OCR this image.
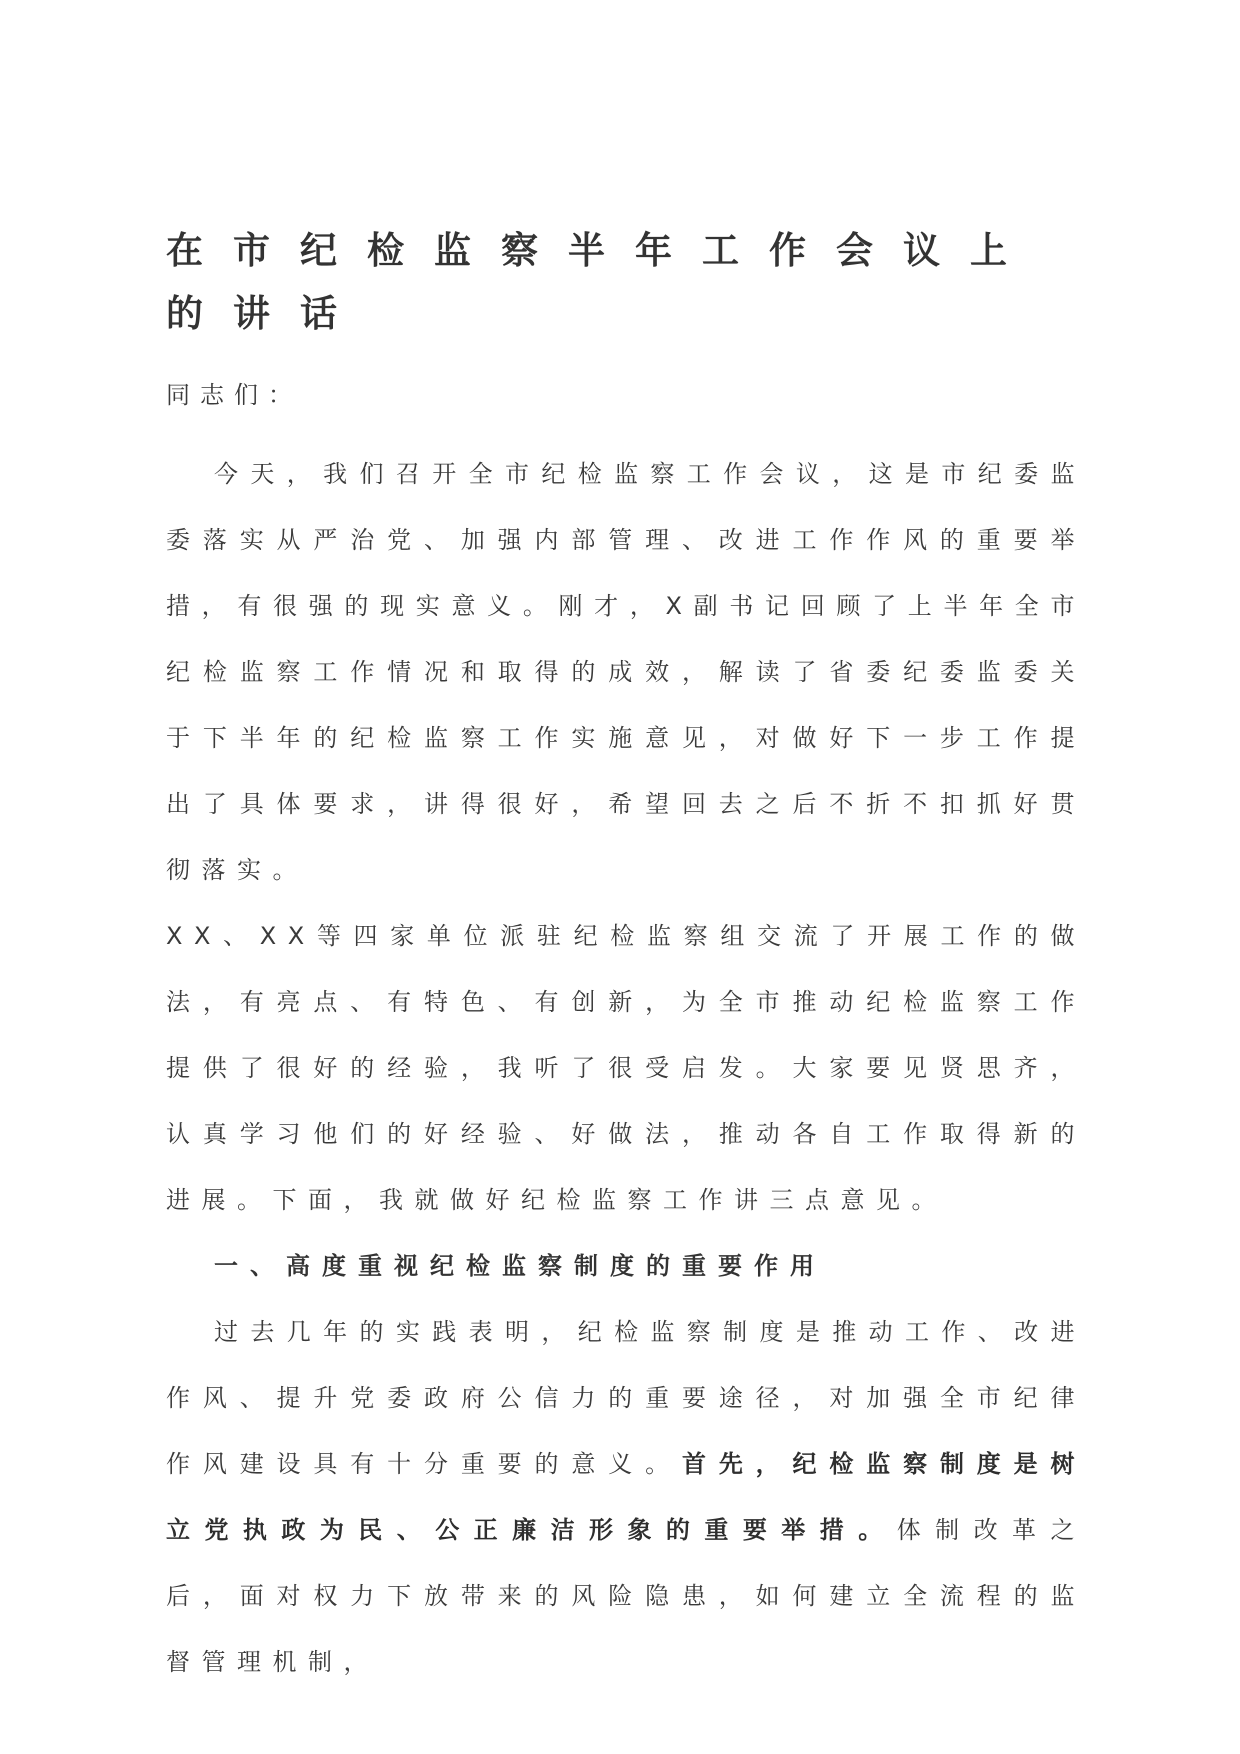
在市纪检监察半年工作会议上的讲话

同志们：

今天，我们召开全市纪检监察工作会议，这是市纪委监委落实从严治党、加强内部管理、改进工作作风的重要举措，有很强的现实意义。刚才，X副书记回顾了上半年全市纪检监察工作情况和取得的成效，解读了省委纪委监委关于下半年的纪检监察工作实施意见，对做好下一步工作提出了具体要求，讲得很好，希望回去之后不折不扣抓好贯彻落实。

XX、XX等四家单位派驻纪检监察组交流了开展工作的做法，有亮点、有特色、有创新，为全市推动纪检监察工作提供了很好的经验，我听了很受启发。大家要见贤思齐，认真学习他们的好经验、好做法，推动各自工作取得新的进展。下面，我就做好纪检监察工作讲三点意见。

一、高度重视纪检监察制度的重要作用

过去几年的实践表明，纪检监察制度是推动工作、改进作风、提升党委政府公信力的重要途径，对加强全市纪律作风建设具有十分重要的意义。首先，纪检监察制度是树立党执政为民、公正廉洁形象的重要举措。体制改革之后，面对权力下放带来的风险隐患，如何建立全流程的监督管理机制，
